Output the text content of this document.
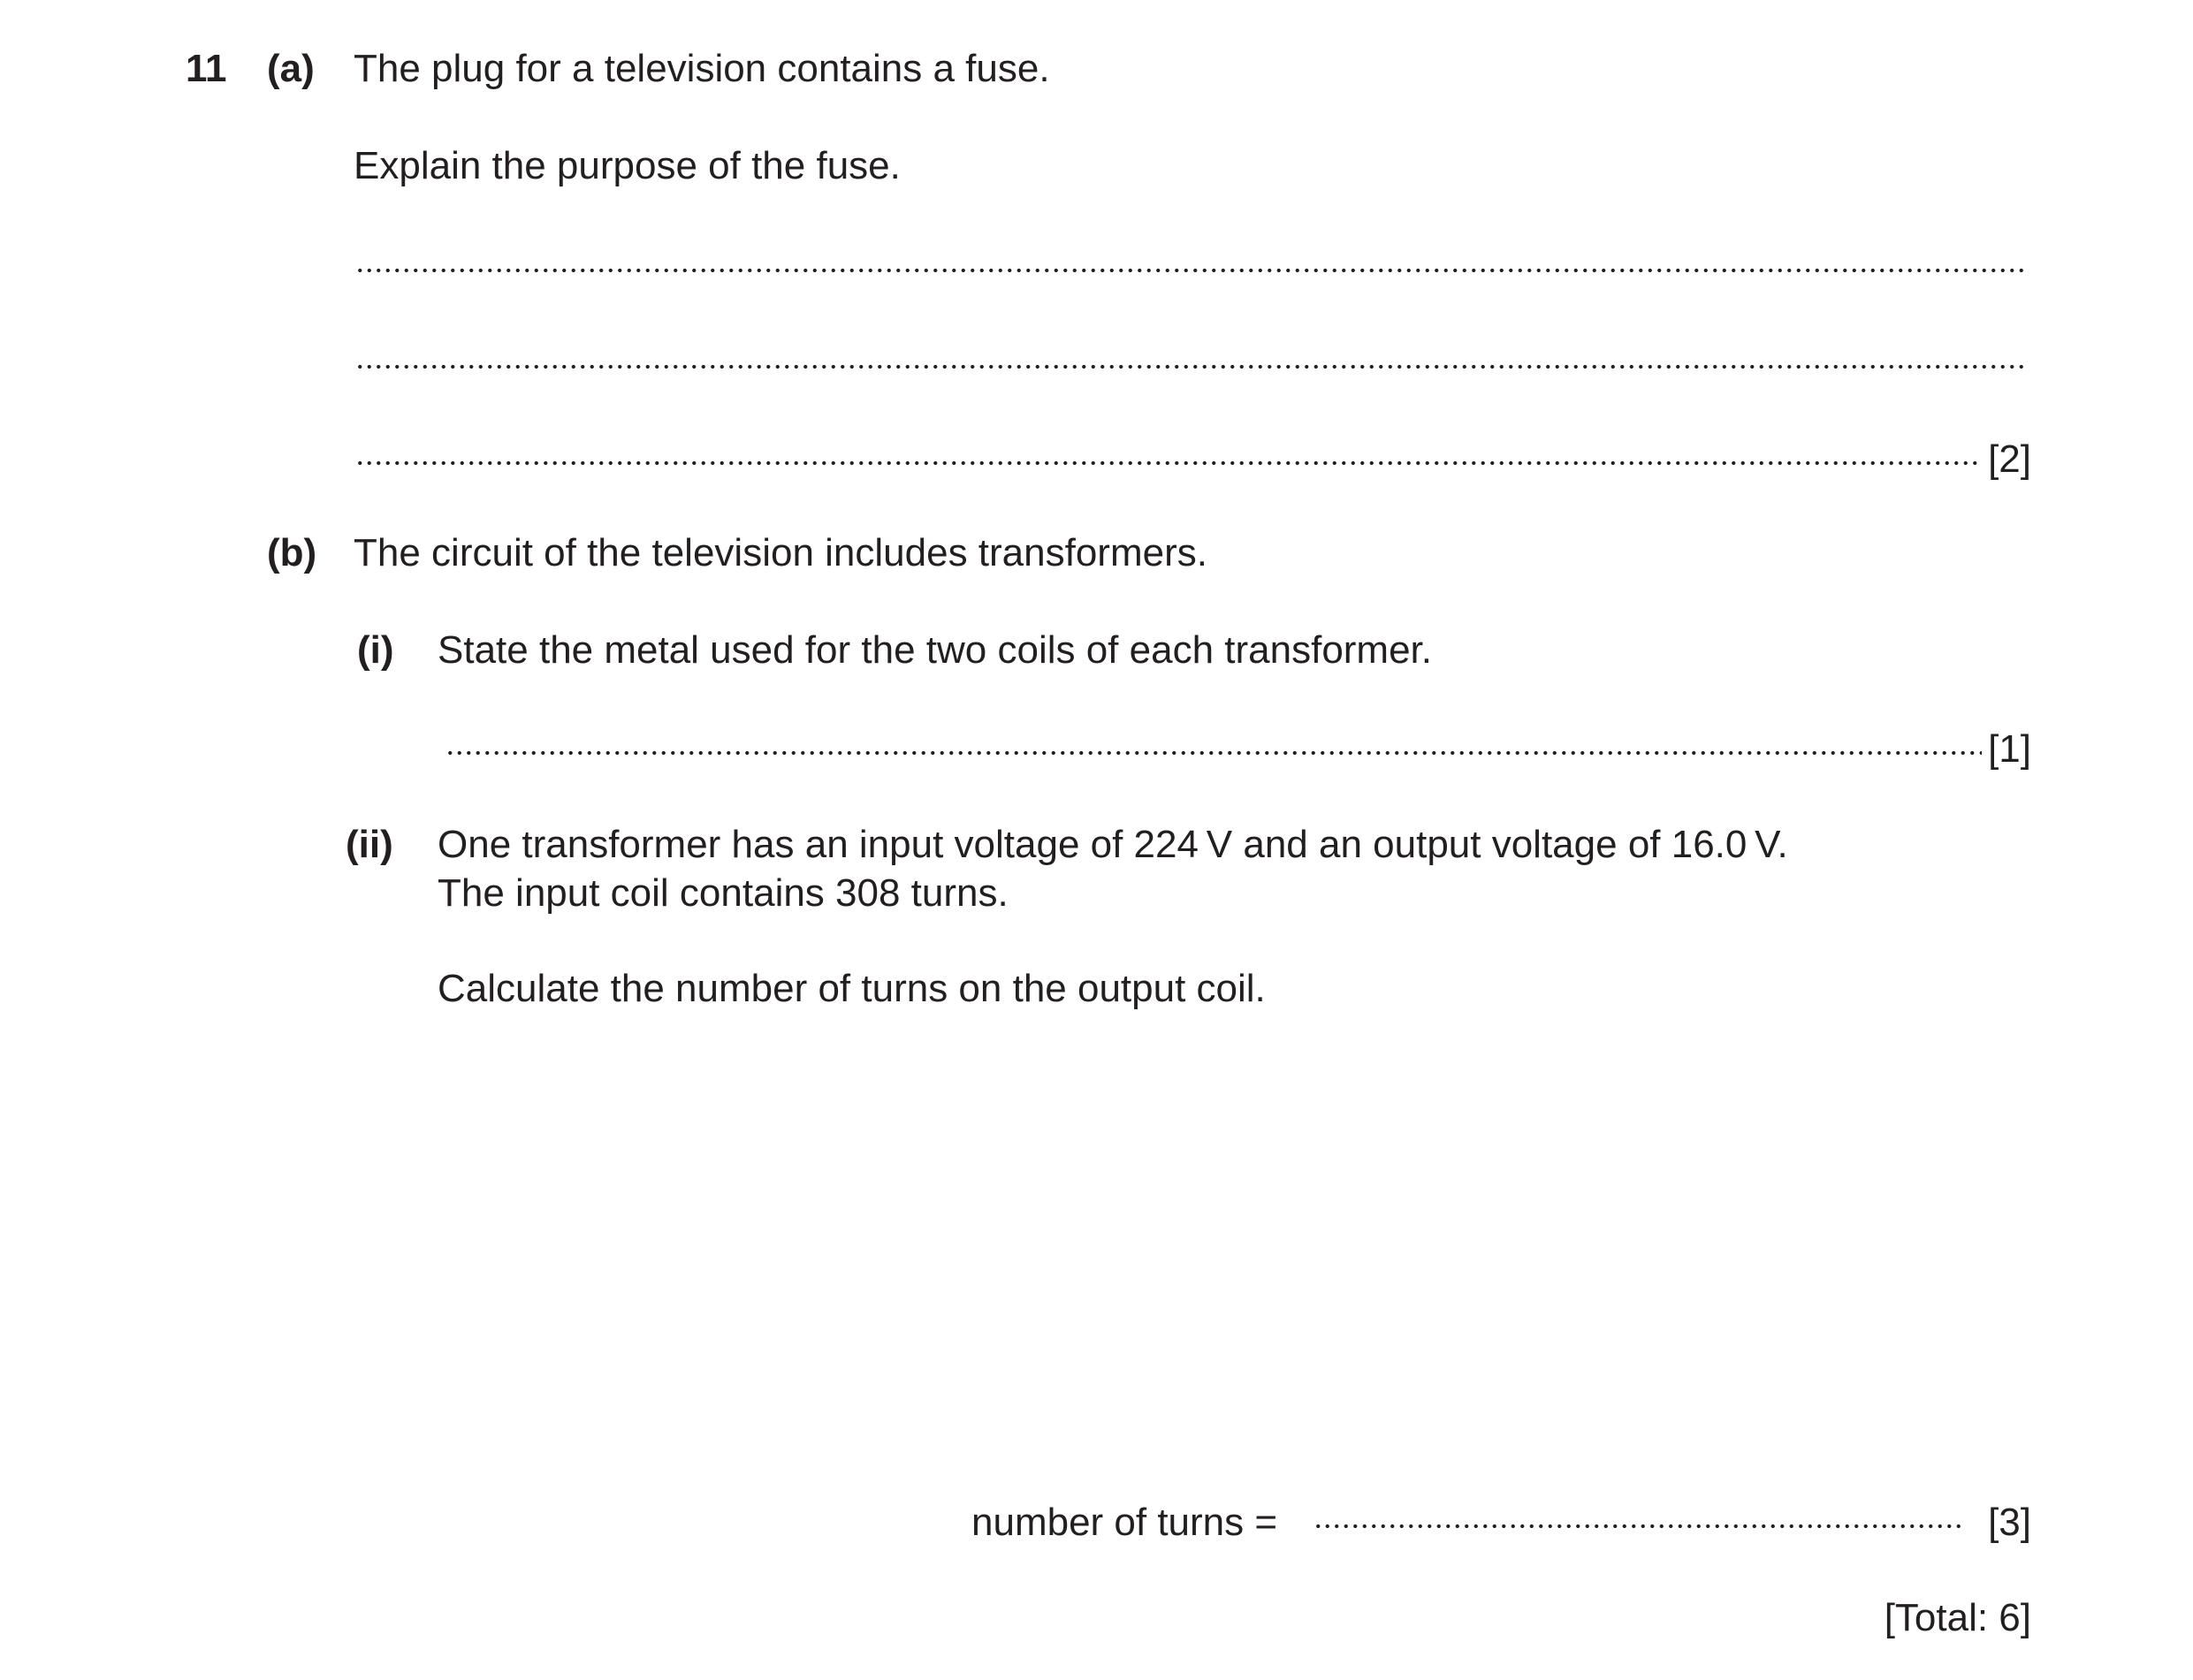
11 (a) The plug for a television contains a fuse.
Explain the purpose of the fuse.
[2]
(b) The circuit of the television includes transformers.
(i) State the metal used for the two coils of each transformer.
[1]
(ii) One transformer has an input voltage of 224 V and an output voltage of 16.0 V.
The input coil contains 308 turns.
Calculate the number of turns on the output coil.
number of turns =	[3]
[Total: 6]
